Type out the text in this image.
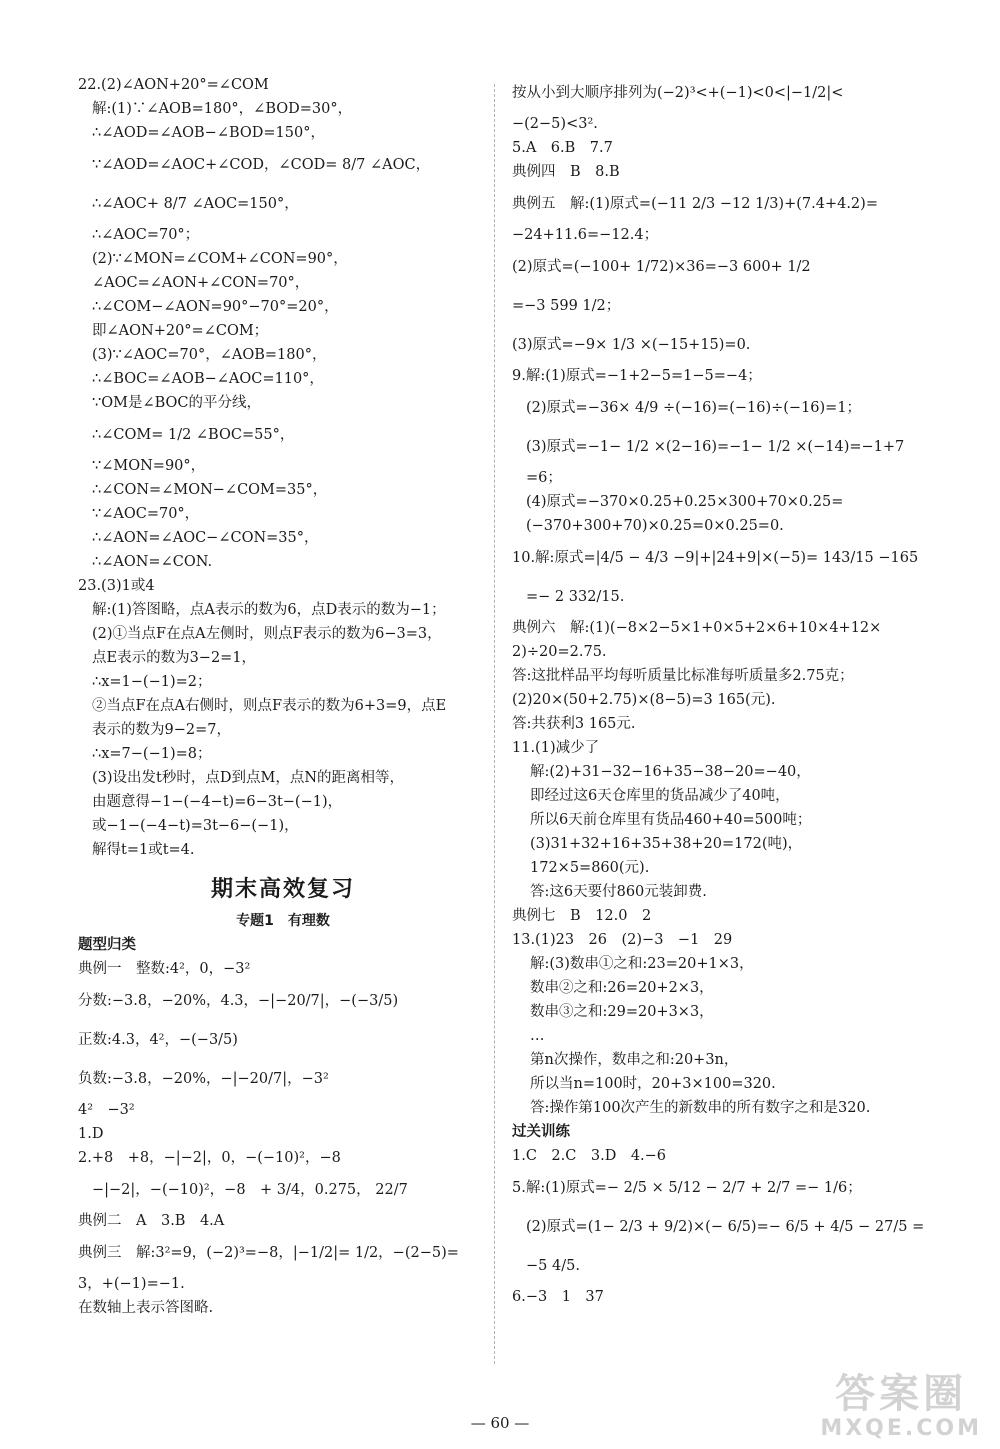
22.(2)∠AON+20°=∠COM
解:(1)∵∠AOB=180°，∠BOD=30°，
∴∠AOD=∠AOB−∠BOD=150°，
∵∠AOD=∠AOC+∠COD，∠COD= 8/7 ∠AOC，
∴∠AOC+ 8/7 ∠AOC=150°，
∴∠AOC=70°；
(2)∵∠MON=∠COM+∠CON=90°，
∠AOC=∠AON+∠CON=70°，
∴∠COM−∠AON=90°−70°=20°，
即∠AON+20°=∠COM；
(3)∵∠AOC=70°，∠AOB=180°，
∴∠BOC=∠AOB−∠AOC=110°，
∵OM是∠BOC的平分线，
∴∠COM= 1/2 ∠BOC=55°，
∵∠MON=90°，
∴∠CON=∠MON−∠COM=35°，
∵∠AOC=70°，
∴∠AON=∠AOC−∠CON=35°，
∴∠AON=∠CON.
23.(3)1或4
解:(1)答图略，点A表示的数为6，点D表示的数为−1；
(2)①当点F在点A左侧时，则点F表示的数为6−3=3，
点E表示的数为3−2=1，
∴x=1−(−1)=2；
②当点F在点A右侧时，则点F表示的数为6+3=9，点E
表示的数为9−2=7，
∴x=7−(−1)=8；
(3)设出发t秒时，点D到点M，点N的距离相等，
由题意得−1−(−4−t)=6−3t−(−1)，
或−1−(−4−t)=3t−6−(−1)，
解得t=1或t=4.
期末高效复习
专题1　有理数
题型归类
典例一　整数:4²，0，−3²
分数:−3.8，−20%，4.3，−|−20/7|，−(−3/5)
正数:4.3，4²，−(−3/5)
负数:−3.8，−20%，−|−20/7|，−3²
4²　−3²
1.D
2.+8　+8，−|−2|，0，−(−10)²，−8
−|−2|，−(−10)²，−8　+ 3/4，0.275， 22/7
典例二　A　3.B　4.A
典例三　解:3²=9，(−2)³=−8，|−1/2|= 1/2，−(2−5)=
3，+(−1)=−1.
在数轴上表示答图略.
按从小到大顺序排列为(−2)³<+(−1)<0<|−1/2|<
−(2−5)<3².
5.A　6.B　7.7
典例四　B　8.B
典例五　解:(1)原式=(−11 2/3 −12 1/3)+(7.4+4.2)=
−24+11.6=−12.4；
(2)原式=(−100+ 1/72)×36=−3 600+ 1/2
=−3 599 1/2；
(3)原式=−9× 1/3 ×(−15+15)=0.
9.解:(1)原式=−1+2−5=1−5=−4；
(2)原式=−36× 4/9 ÷(−16)=(−16)÷(−16)=1；
(3)原式=−1− 1/2 ×(2−16)=−1− 1/2 ×(−14)=−1+7
=6；
(4)原式=−370×0.25+0.25×300+70×0.25=
(−370+300+70)×0.25=0×0.25=0.
10.解:原式=|4/5 − 4/3 −9|+|24+9|×(−5)= 143/15 −165
=− 2 332/15.
典例六　解:(1)(−8×2−5×1+0×5+2×6+10×4+12×
2)÷20=2.75.
答:这批样品平均每听质量比标准每听质量多2.75克；
(2)20×(50+2.75)×(8−5)=3 165(元).
答:共获利3 165元.
11.(1)减少了
解:(2)+31−32−16+35−38−20=−40，
即经过这6天仓库里的货品减少了40吨，
所以6天前仓库里有货品460+40=500吨；
(3)31+32+16+35+38+20=172(吨)，
172×5=860(元).
答:这6天要付860元装卸费.
典例七　B　12.0　2
13.(1)23　26　(2)−3　−1　29
解:(3)数串①之和:23=20+1×3，
数串②之和:26=20+2×3，
数串③之和:29=20+3×3，
…
第n次操作，数串之和:20+3n，
所以当n=100时，20+3×100=320.
答:操作第100次产生的新数串的所有数字之和是320.
过关训练
1.C　2.C　3.D　4.−6
5.解:(1)原式=− 2/5 × 5/12 − 2/7 + 2/7 =− 1/6；
(2)原式=(1− 2/3 + 9/2)×(− 6/5)=− 6/5 + 4/5 − 27/5 =
−5 4/5.
6.−3　1　37
— 60 —
答案圈
MXQE.COM
